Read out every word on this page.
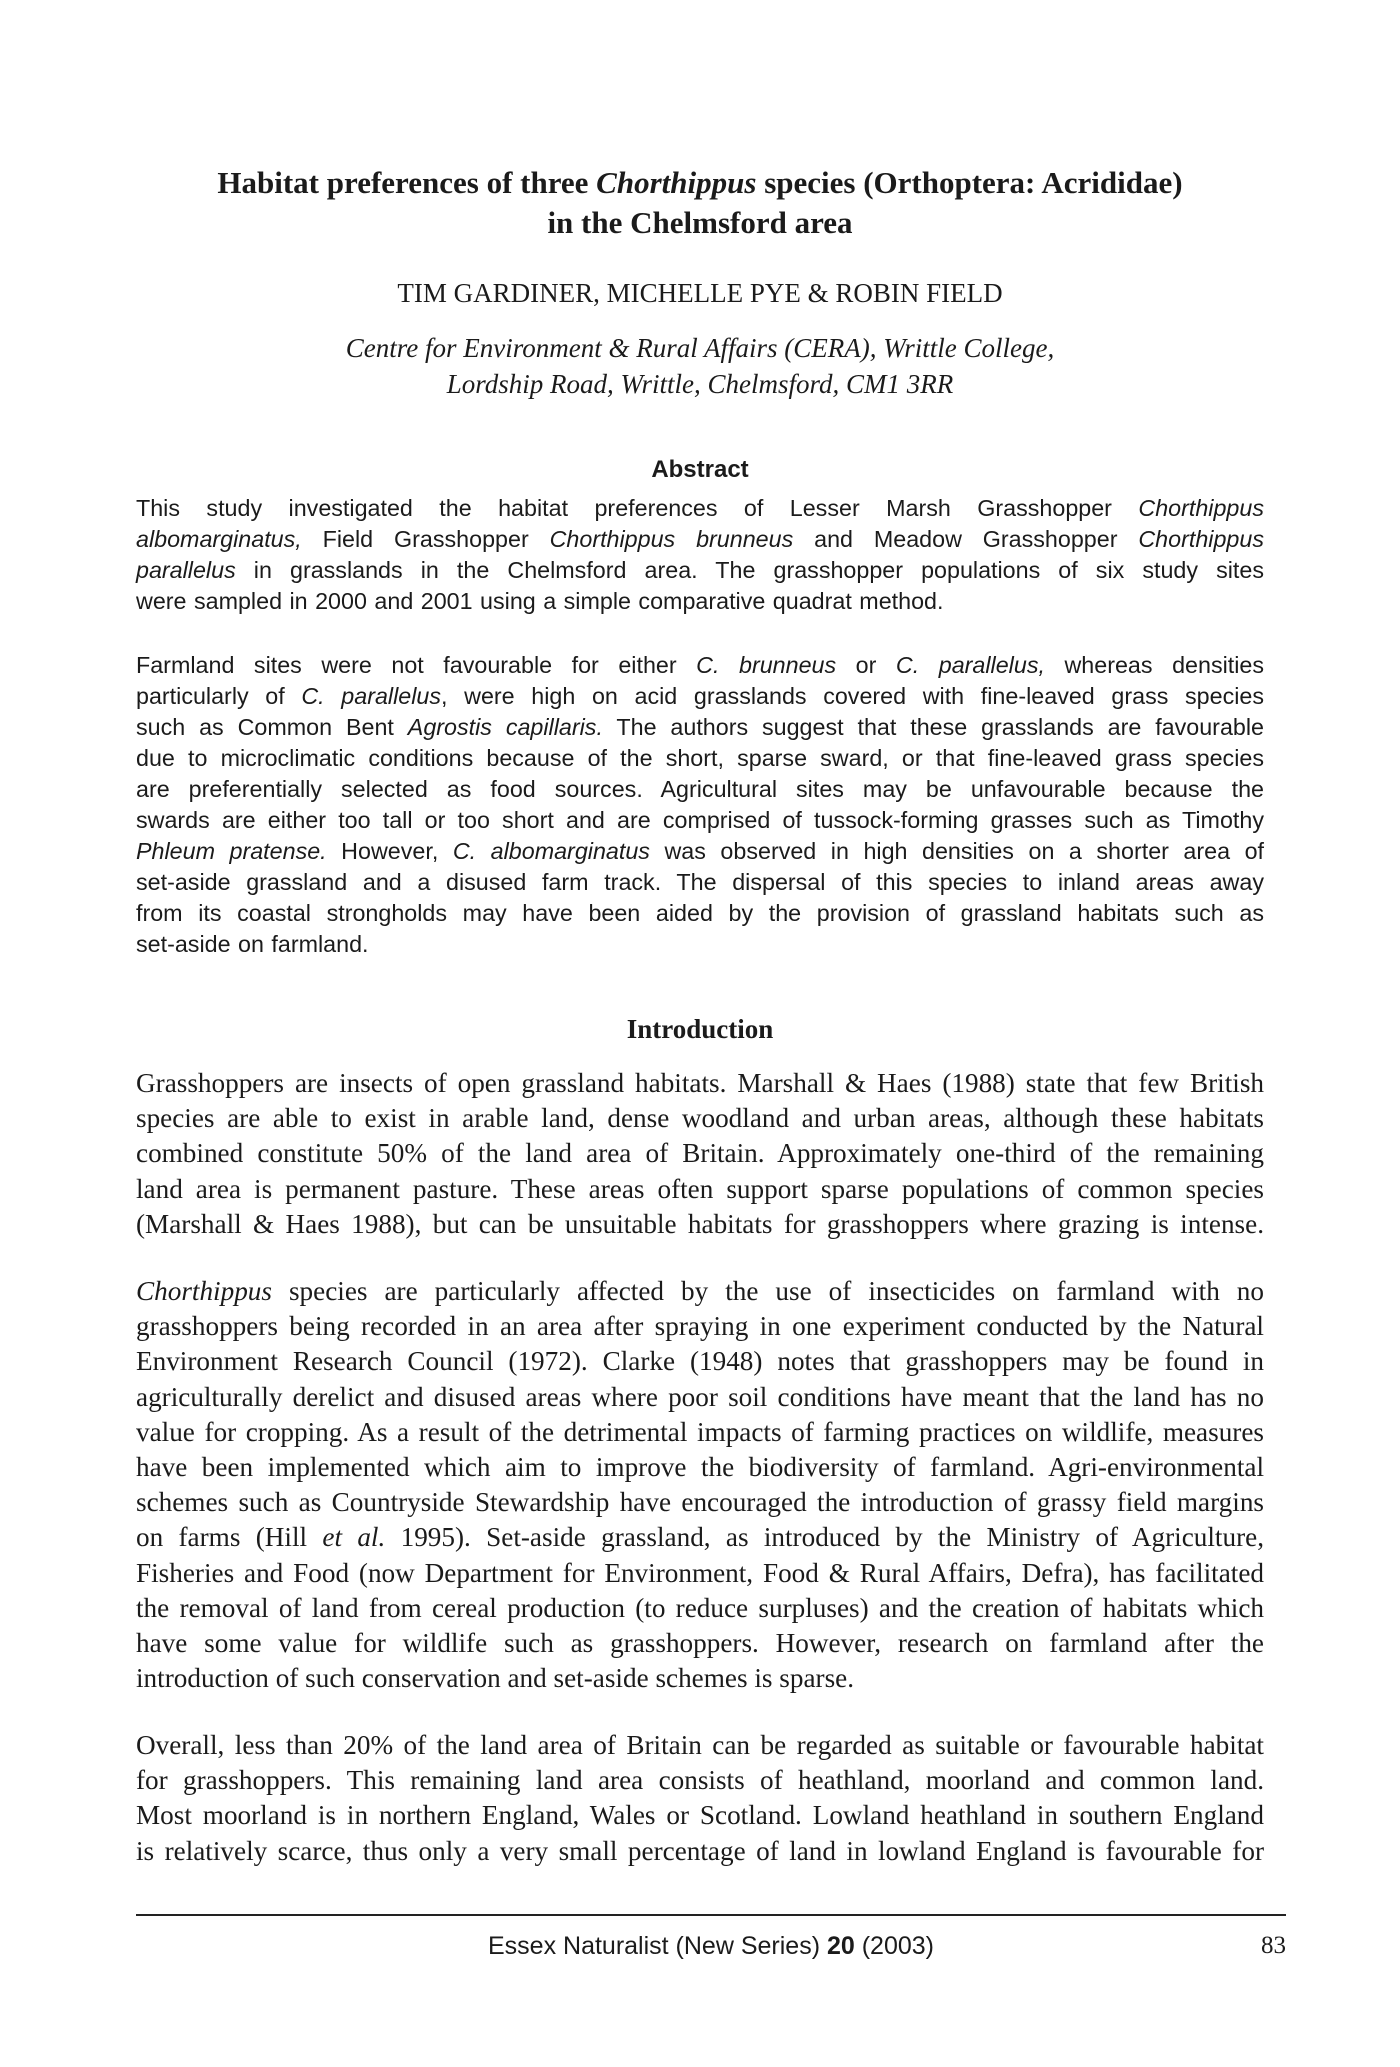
Habitat preferences of three Chorthippus species (Orthoptera: Acrididae)
in the Chelmsford area
TIM GARDINER, MICHELLE PYE & ROBIN FIELD
Centre for Environment & Rural Affairs (CERA), Writtle College,
Lordship Road, Writtle, Chelmsford, CM1 3RR
Abstract
This study investigated the habitat preferences of Lesser Marsh Grasshopper Chorthippus
albomarginatus, Field Grasshopper Chorthippus brunneus and Meadow Grasshopper Chorthippus
parallelus in grasslands in the Chelmsford area. The grasshopper populations of six study sites
were sampled in 2000 and 2001 using a simple comparative quadrat method.
Farmland sites were not favourable for either C. brunneus or C. parallelus, whereas densities
particularly of C. parallelus, were high on acid grasslands covered with fine-leaved grass species
such as Common Bent Agrostis capillaris. The authors suggest that these grasslands are favourable
due to microclimatic conditions because of the short, sparse sward, or that fine-leaved grass species
are preferentially selected as food sources. Agricultural sites may be unfavourable because the
swards are either too tall or too short and are comprised of tussock-forming grasses such as Timothy
Phleum pratense. However, C. albomarginatus was observed in high densities on a shorter area of
set-aside grassland and a disused farm track. The dispersal of this species to inland areas away
from its coastal strongholds may have been aided by the provision of grassland habitats such as
set-aside on farmland.
Introduction
Grasshoppers are insects of open grassland habitats. Marshall & Haes (1988) state that few British
species are able to exist in arable land, dense woodland and urban areas, although these habitats
combined constitute 50% of the land area of Britain. Approximately one-third of the remaining
land area is permanent pasture. These areas often support sparse populations of common species
(Marshall & Haes 1988), but can be unsuitable habitats for grasshoppers where grazing is intense.
Chorthippus species are particularly affected by the use of insecticides on farmland with no
grasshoppers being recorded in an area after spraying in one experiment conducted by the Natural
Environment Research Council (1972). Clarke (1948) notes that grasshoppers may be found in
agriculturally derelict and disused areas where poor soil conditions have meant that the land has no
value for cropping. As a result of the detrimental impacts of farming practices on wildlife, measures
have been implemented which aim to improve the biodiversity of farmland. Agri-environmental
schemes such as Countryside Stewardship have encouraged the introduction of grassy field margins
on farms (Hill et al. 1995). Set-aside grassland, as introduced by the Ministry of Agriculture,
Fisheries and Food (now Department for Environment, Food & Rural Affairs, Defra), has facilitated
the removal of land from cereal production (to reduce surpluses) and the creation of habitats which
have some value for wildlife such as grasshoppers. However, research on farmland after the
introduction of such conservation and set-aside schemes is sparse.
Overall, less than 20% of the land area of Britain can be regarded as suitable or favourable habitat
for grasshoppers. This remaining land area consists of heathland, moorland and common land.
Most moorland is in northern England, Wales or Scotland. Lowland heathland in southern England
is relatively scarce, thus only a very small percentage of land in lowland England is favourable for
Essex Naturalist (New Series) 20 (2003)	83
